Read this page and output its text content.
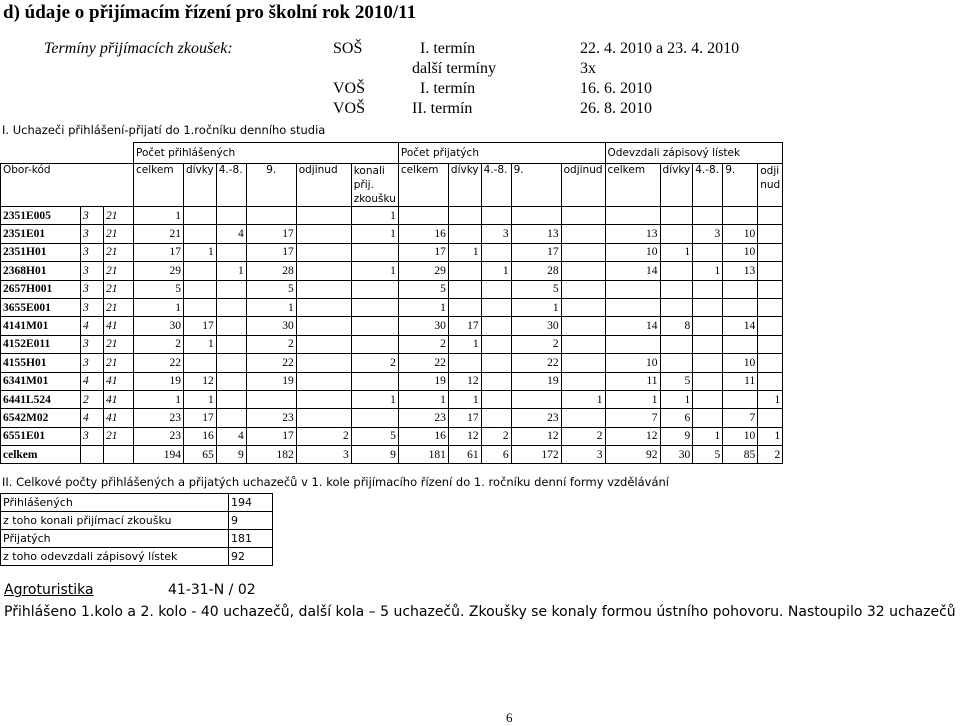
d) údaje o přijímacím řízení pro školní rok 2010/11
Termíny přijímacích zkoušek:	SOŠ	I. termín	22. 4. 2010 a 23. 4. 2010
další termíny	3x
VOŠ	I. termín	16. 6. 2010
VOŠ	II. termín	26. 8. 2010
I. Uchazeči přihlášení-přijatí do 1.ročníku denního studia
			Počet přihlášených						Počet přijatých					Odevzdali zápisový lístek				
Obor-kód			celkem	dívky	4.-8.	9.	odjinud	konali přij. zkoušku	celkem	dívky	4.-8.	9.	odjinud	celkem	dívky	4.-8.	9.	odjinud
2351E005	3	21	1					1										
2351E01	3	21	21		4	17		1	16		3	13		13		3	10	
2351H01	3	21	17	1		17			17	1		17		10	1		10	
2368H01	3	21	29		1	28		1	29		1	28		14		1	13	
2657H001	3	21	5			5			5			5						
3655E001	3	21	1			1			1			1						
4141M01	4	41	30	17		30			30	17		30		14	8		14	
4152E011	3	21	2	1		2			2	1		2						
4155H01	3	21	22			22		2	22			22		10			10	
6341M01	4	41	19	12		19			19	12		19		11	5		11	
6441L524	2	41	1	1				1	1	1			1	1	1			1
6542M02	4	41	23	17		23			23	17		23		7	6		7	
6551E01	3	21	23	16	4	17	2	5	16	12	2	12	2	12	9	1	10	1
celkem			194	65	9	182	3	9	181	61	6	172	3	92	30	5	85	2
II. Celkové počty přihlášených a přijatých uchazečů v 1. kole přijímacího řízení do 1. ročníku denní formy vzdělávání
Přihlášených	194
z toho konali přijímací zkoušku	9
Přijatých	181
z toho odevzdali zápisový lístek	92
Agroturistika	41-31-N / 02
Přihlášeno 1.kolo a 2. kolo - 40 uchazečů, další kola – 5 uchazečů. Zkoušky se konaly formou ústního pohovoru. Nastoupilo 32 uchazečů
6
